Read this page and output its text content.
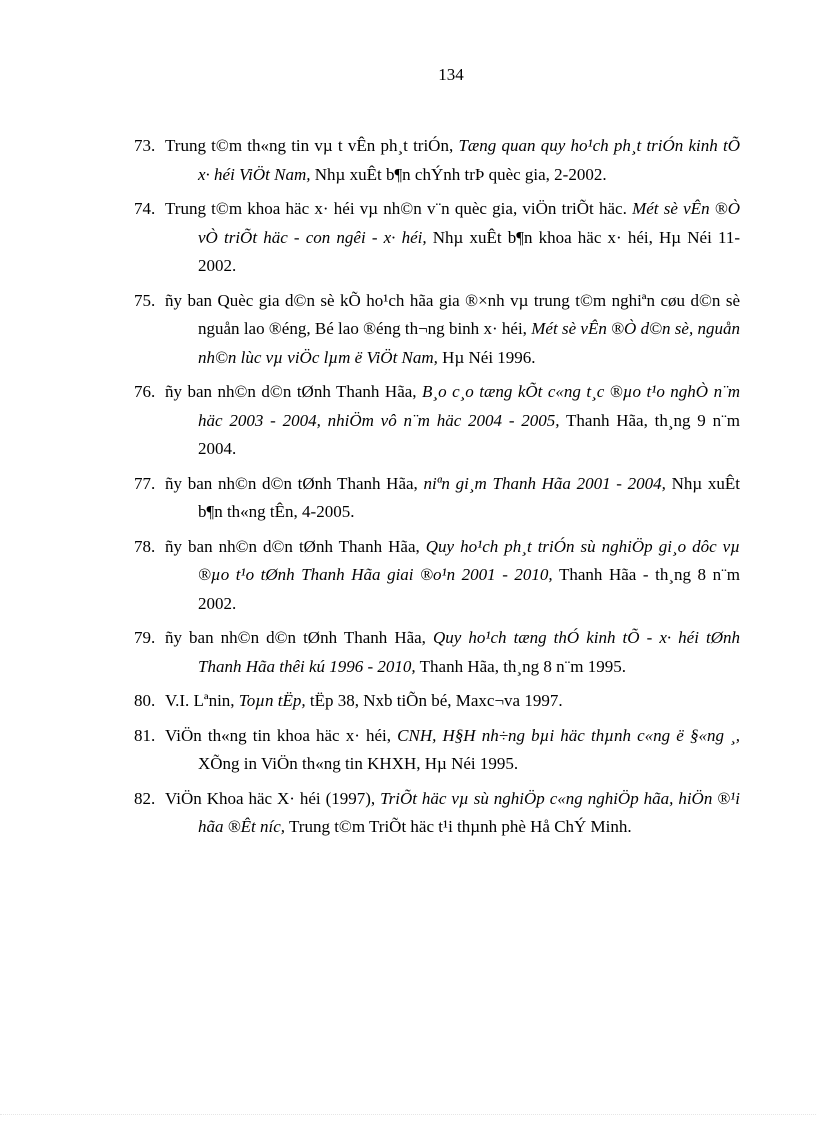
134
73. Trung t©m th«ng tin vµ t vÊn ph¸t triÓn, Tæng quan quy ho¹ch ph¸t triÓn kinh tÕ x· héi ViÖt Nam, Nhµ xuÊt b¶n chÝnh trÞ quèc gia, 2-2002.
74. Trung t©m khoa häc x· héi vµ nh©n v¨n quèc gia, viÖn triÕt häc. Mét sè vÊn ®Ò vÒ triÕt häc - con ngêi - x· héi, Nhµ xuÊt b¶n khoa häc x· héi, Hµ Néi 11-2002.
75. ñy ban Quèc gia d©n sè kÕ ho¹ch hãa gia ®×nh vµ trung t©m nghiªn cøu d©n sè nguån lao ®éng, Bé lao ®éng th¬ng binh x· héi, Mét sè vÊn ®Ò d©n sè, nguån nh©n lùc vµ viÖc lµm ë ViÖt Nam, Hµ Néi 1996.
76. ñy ban nh©n d©n tØnh Thanh Hãa, B¸o c¸o tæng kÕt c«ng t¸c ®µo t¹o nghÒ n¨m häc 2003 - 2004, nhiÖm vô n¨m häc 2004 - 2005, Thanh Hãa, th¸ng 9 n¨m 2004.
77. ñy ban nh©n d©n tØnh Thanh Hãa, niªn gi¸m Thanh Hãa 2001 - 2004, Nhµ xuÊt b¶n th«ng tÊn, 4-2005.
78. ñy ban nh©n d©n tØnh Thanh Hãa, Quy ho¹ch ph¸t triÓn sù nghiÖp gi¸o dôc vµ ®µo t¹o tØnh Thanh Hãa giai ®o¹n 2001 - 2010, Thanh Hãa - th¸ng 8 n¨m 2002.
79. ñy ban nh©n d©n tØnh Thanh Hãa, Quy ho¹ch tæng thÓ kinh tÕ - x· héi tØnh Thanh Hãa thêi kú 1996 - 2010, Thanh Hãa, th¸ng 8 n¨m 1995.
80. V.I. Lªnin, Toµn tËp, tËp 38, Nxb tiÕn bé, Maxc¬va 1997.
81. ViÖn th«ng tin khoa häc x· héi, CNH, H§H nh÷ng bµi häc thµnh c«ng ë §«ng ¸, XÕng in ViÖn th«ng tin KHXH, Hµ Néi 1995.
82. ViÖn Khoa häc X· héi (1997), TriÕt häc vµ sù nghiÖp c«ng nghiÖp hãa, hiÖn ®¹i hãa ®Êt níc, Trung t©m TriÕt häc t¹i thµnh phè Hå ChÝ Minh.
